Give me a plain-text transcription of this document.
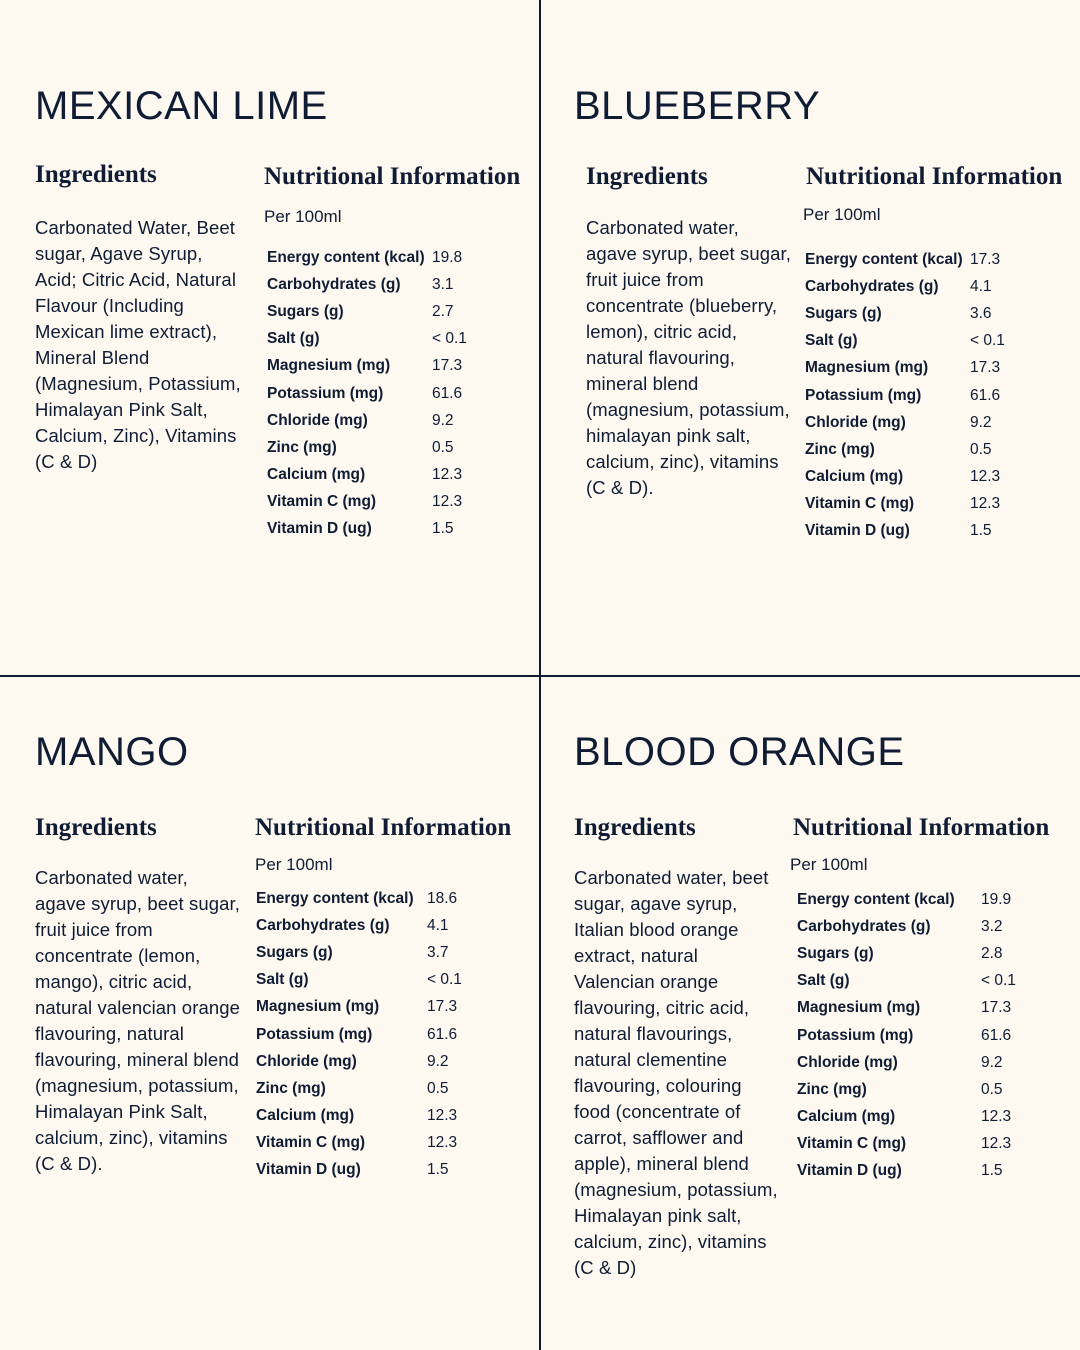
MEXICAN LIME
Ingredients

Carbonated Water, Beet sugar, Agave Syrup, Acid; Citric Acid, Natural Flavour (Including Mexican lime extract), Mineral Blend (Magnesium, Potassium, Himalayan Pink Salt, Calcium, Zinc), Vitamins (C & D)

Nutritional Information

Per 100ml

Energy content (kcal)	19.8
Carbohydrates (g)	3.1
Sugars (g)	2.7
Salt (g)	< 0.1
Magnesium (mg)	17.3
Potassium (mg)	61.6
Chloride (mg)	9.2
Zinc (mg)	0.5
Calcium (mg)	12.3
Vitamin C (mg)	12.3
Vitamin D (ug)	1.5
BLUEBERRY
Ingredients

Carbonated water, agave syrup, beet sugar, fruit juice from concentrate (blueberry, lemon), citric acid, natural flavouring, mineral blend (magnesium, potassium, himalayan pink salt, calcium, zinc), vitamins (C & D).

Nutritional Information

Per 100ml

Energy content (kcal)	17.3
Carbohydrates (g)	4.1
Sugars (g)	3.6
Salt (g)	< 0.1
Magnesium (mg)	17.3
Potassium (mg)	61.6
Chloride (mg)	9.2
Zinc (mg)	0.5
Calcium (mg)	12.3
Vitamin C (mg)	12.3
Vitamin D (ug)	1.5
MANGO
Ingredients

Carbonated water, agave syrup, beet sugar, fruit juice from concentrate (lemon, mango), citric acid, natural valencian orange flavouring, natural flavouring, mineral blend (magnesium, potassium, Himalayan Pink Salt, calcium, zinc), vitamins (C & D).

Nutritional Information

Per 100ml

Energy content (kcal)	18.6
Carbohydrates (g)	4.1
Sugars (g)	3.7
Salt (g)	< 0.1
Magnesium (mg)	17.3
Potassium (mg)	61.6
Chloride (mg)	9.2
Zinc (mg)	0.5
Calcium (mg)	12.3
Vitamin C (mg)	12.3
Vitamin D (ug)	1.5
BLOOD ORANGE
Ingredients

Carbonated water, beet sugar, agave syrup, Italian blood orange extract, natural Valencian orange flavouring, citric acid, natural flavourings, natural clementine flavouring, colouring food (concentrate of carrot, safflower and apple), mineral blend (magnesium, potassium, Himalayan pink salt, calcium, zinc), vitamins (C & D)

Nutritional Information

Per 100ml

Energy content (kcal)	19.9
Carbohydrates (g)	3.2
Sugars (g)	2.8
Salt (g)	< 0.1
Magnesium (mg)	17.3
Potassium (mg)	61.6
Chloride (mg)	9.2
Zinc (mg)	0.5
Calcium (mg)	12.3
Vitamin C (mg)	12.3
Vitamin D (ug)	1.5
